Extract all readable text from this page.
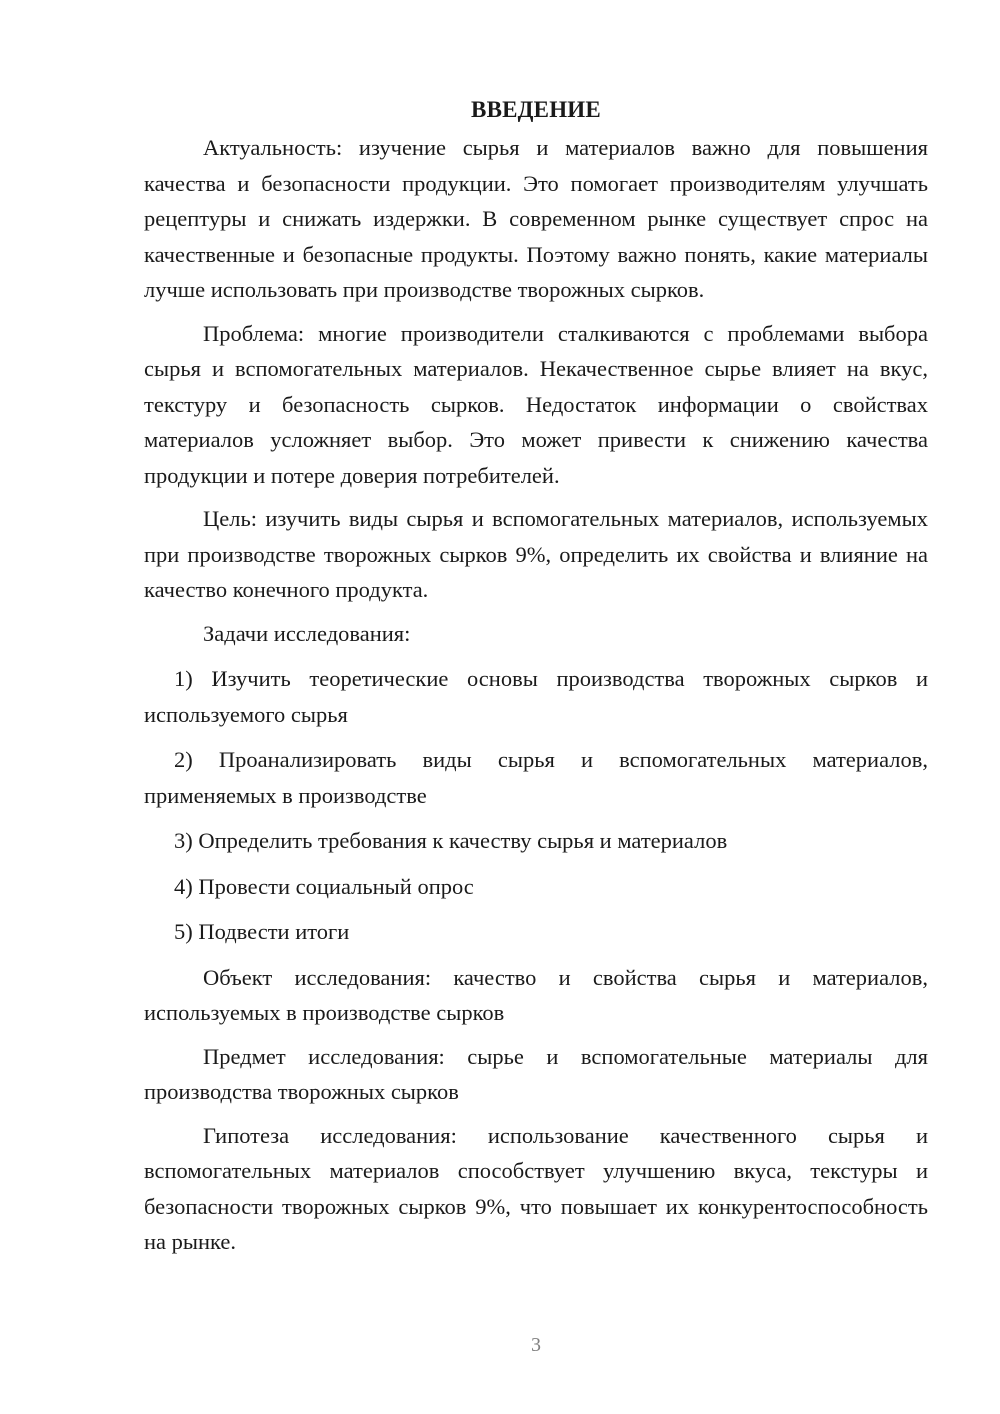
ВВЕДЕНИЕ

Актуальность: изучение сырья и материалов важно для повышения качества и безопасности продукции. Это помогает производителям улучшать рецептуры и снижать издержки. В современном рынке существует спрос на качественные и безопасные продукты. Поэтому важно понять, какие материалы лучше использовать при производстве творожных сырков.

Проблема: многие производители сталкиваются с проблемами выбора сырья и вспомогательных материалов. Некачественное сырье влияет на вкус, текстуру и безопасность сырков. Недостаток информации о свойствах материалов усложняет выбор. Это может привести к снижению качества продукции и потере доверия потребителей.

Цель: изучить виды сырья и вспомогательных материалов, используемых при производстве творожных сырков 9%, определить их свойства и влияние на качество конечного продукта.

Задачи исследования:

1) Изучить теоретические основы производства творожных сырков и используемого сырья

2) Проанализировать виды сырья и вспомогательных материалов, применяемых в производстве

3) Определить требования к качеству сырья и материалов

4) Провести социальный опрос

5) Подвести итоги

Объект исследования: качество и свойства сырья и материалов, используемых в производстве сырков

Предмет исследования: сырье и вспомогательные материалы для производства творожных сырков

Гипотеза исследования: использование качественного сырья и вспомогательных материалов способствует улучшению вкуса, текстуры и безопасности творожных сырков 9%, что повышает их конкурентоспособность на рынке.

3
